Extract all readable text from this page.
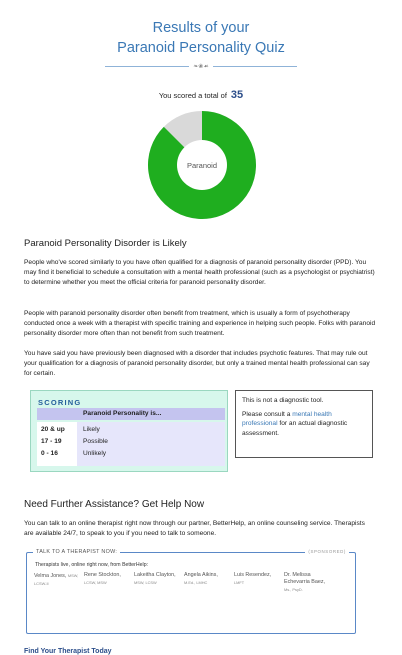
Results of your
Paranoid Personality Quiz
❧❀☙
You scored a total of 35
Paranoid
Paranoid Personality Disorder is Likely

People who've scored similarly to you have often qualified for a diagnosis of paranoid personality disorder (PPD). You may find it beneficial to schedule a consultation with a mental health professional (such as a psychologist or psychiatrist) to determine whether you meet the official criteria for paranoid personality disorder.

People with paranoid personality disorder often benefit from treatment, which is usually a form of psychotherapy conducted once a week with a therapist with specific training and experience in helping such people. Folks with paranoid personality disorder more often than not benefit from such treatment.

You have said you have previously been diagnosed with a disorder that includes psychotic features. That may rule out your qualification for a diagnosis of paranoid personality disorder, but only a trained mental health professional can say for certain.

SCORING
Paranoid Personality is...
20 & up	Likely
17 - 19	Possible
0 - 16	Unlikely

This is not a diagnostic tool.

Please consult a mental health professional for an actual diagnostic assessment.

Need Further Assistance? Get Help Now

You can talk to an online therapist right now through our partner, BetterHelp, an online counseling service. Therapists are available 24/7, to speak to you if you need to talk to someone.

TALK TO A THERAPIST NOW:	(SPONSORED)
Therapists live, online right now, from BetterHelp:
Velma Jones, MSW,
LCSW-II
Rene Stockton,
LCSW, MSW
Lakeitha Clayton,
MSW, LCSW
Angela Aikins,
M.Ed., LMHC
Luis Resendez,
LMFT
Dr. Melissa Echevarria Baez,
Ms., PsyD.
Find Your Therapist Today
